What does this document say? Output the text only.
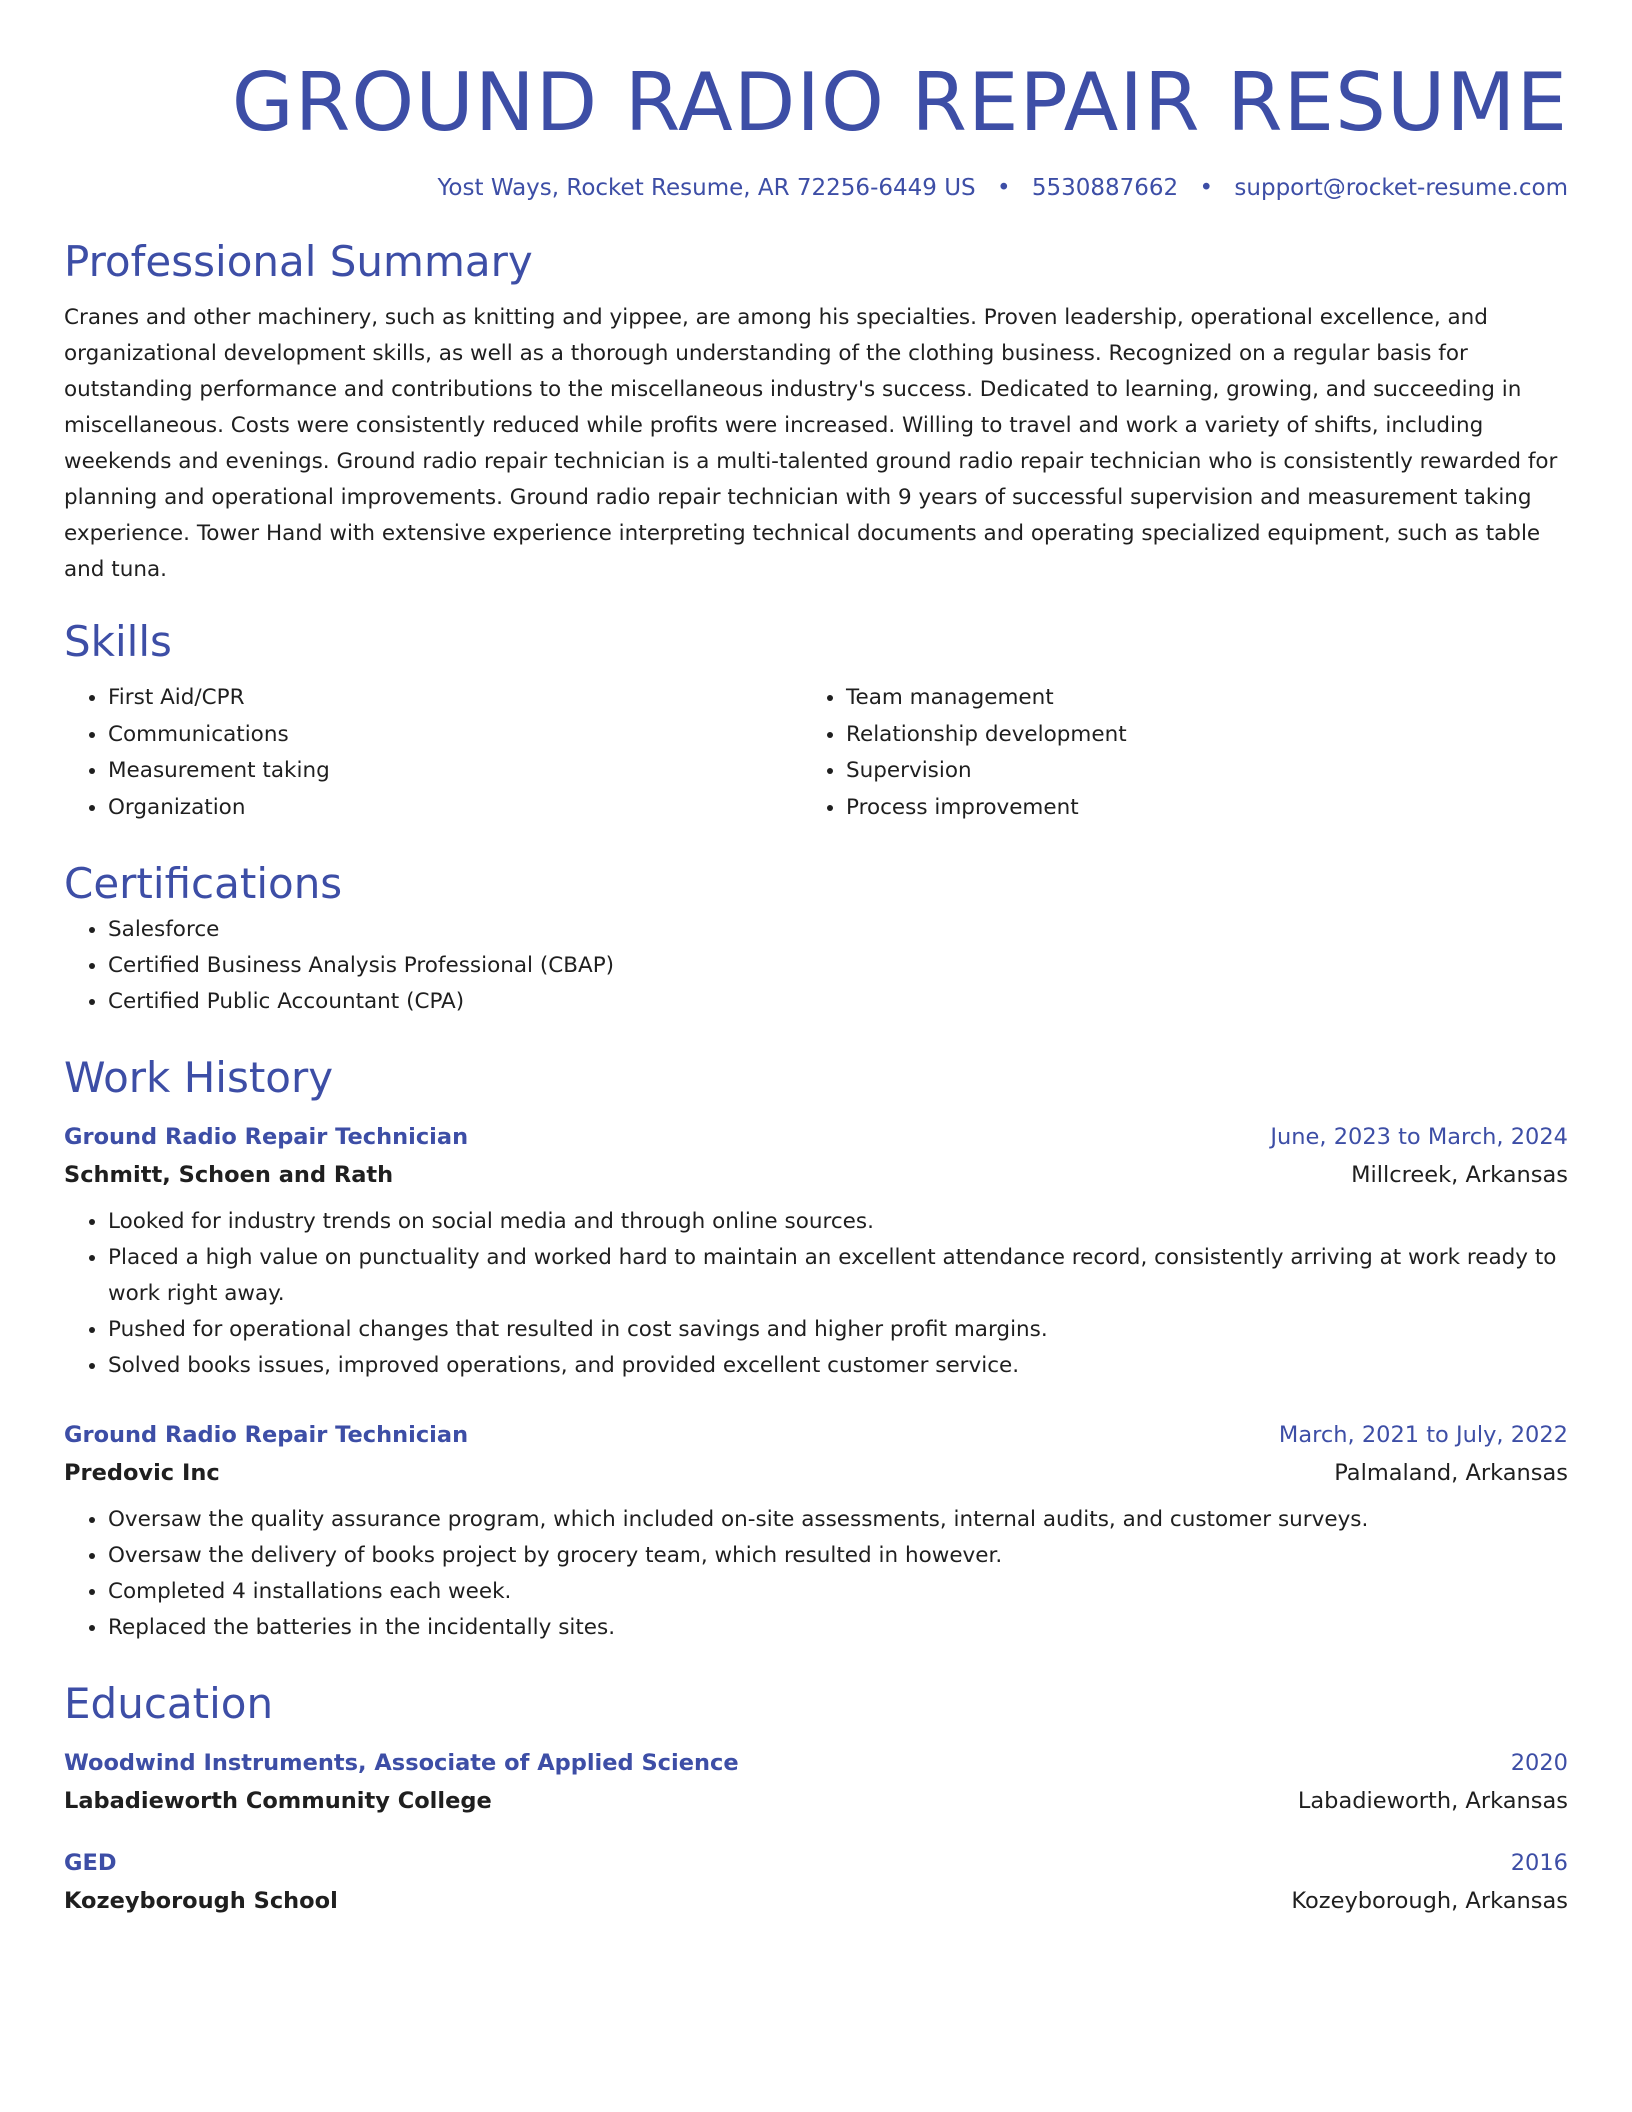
GROUND RADIO REPAIR RESUME
Yost Ways, Rocket Resume, AR 72256-6449 US • 5530887662 • support@rocket-resume.com
Professional Summary
Cranes and other machinery, such as knitting and yippee, are among his specialties. Proven leadership, operational excellence, and organizational development skills, as well as a thorough understanding of the clothing business. Recognized on a regular basis for outstanding performance and contributions to the miscellaneous industry's success. Dedicated to learning, growing, and succeeding in miscellaneous. Costs were consistently reduced while profits were increased. Willing to travel and work a variety of shifts, including weekends and evenings. Ground radio repair technician is a multi-talented ground radio repair technician who is consistently rewarded for planning and operational improvements. Ground radio repair technician with 9 years of successful supervision and measurement taking experience. Tower Hand with extensive experience interpreting technical documents and operating specialized equipment, such as table and tuna.
Skills
• First Aid/CPR
• Communications
• Measurement taking
• Organization
• Team management
• Relationship development
• Supervision
• Process improvement
Certifications
• Salesforce
• Certified Business Analysis Professional (CBAP)
• Certified Public Accountant (CPA)
Work History
Ground Radio Repair Technician	June, 2023 to March, 2024
Schmitt, Schoen and Rath	Millcreek, Arkansas
• Looked for industry trends on social media and through online sources.
• Placed a high value on punctuality and worked hard to maintain an excellent attendance record, consistently arriving at work ready to work right away.
• Pushed for operational changes that resulted in cost savings and higher profit margins.
• Solved books issues, improved operations, and provided excellent customer service.
Ground Radio Repair Technician	March, 2021 to July, 2022
Predovic Inc	Palmaland, Arkansas
• Oversaw the quality assurance program, which included on-site assessments, internal audits, and customer surveys.
• Oversaw the delivery of books project by grocery team, which resulted in however.
• Completed 4 installations each week.
• Replaced the batteries in the incidentally sites.
Education
Woodwind Instruments, Associate of Applied Science	2020
Labadieworth Community College	Labadieworth, Arkansas
GED	2016
Kozeyborough School	Kozeyborough, Arkansas
